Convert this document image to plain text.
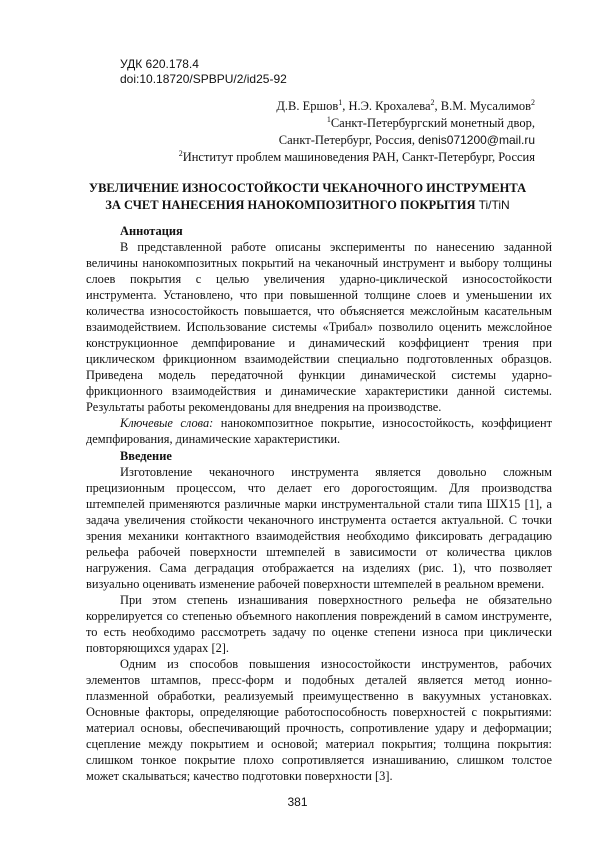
УДК 620.178.4
doi:10.18720/SPBPU/2/id25-92

Д.В. Ершов$^1$, Н.Э. Крохалева$^2$, В.М. Мусалимов$^2$

$^1$Санкт-Петербургский монетный двор,

Санкт-Петербург, Россия, denis071200@mail.ru

$^2$Институт проблем машиноведения РАН, Санкт-Петербург, Россия

УВЕЛИЧЕНИЕ ИЗНОСОСТОЙКОСТИ ЧЕКАНОЧНОГО ИНСТРУМЕНТА
ЗА СЧЕТ НАНЕСЕНИЯ НАНОКОМПОЗИТНОГО ПОКРЫТИЯ Ti/TiN

Аннотация

В представленной работе описаны эксперименты по нанесению заданной величины нанокомпозитных покрытий на чеканочный инструмент и выбору толщины слоев покрытия с целью увеличения ударно-циклической износостойкости инструмента. Установлено, что при повышенной толщине слоев и уменьшении их количества износостойкость повышается, что объясняется межслойным касательным взаимодействием. Использование системы «Трибал» позволило оценить межслойное конструкционное демпфирование и динамический коэффициент трения при циклическом фрикционном взаимодействии специально подготовленных образцов. Приведена модель передаточной функции динамической системы ударно-фрикционного взаимодействия и динамические характеристики данной системы. Результаты работы рекомендованы для внедрения на производстве.

Ключевые слова: нанокомпозитное покрытие, износостойкость, коэффициент демпфирования, динамические характеристики.

Введение

Изготовление чеканочного инструмента является довольно сложным прецизионным процессом, что делает его дорогостоящим. Для производства штемпелей применяются различные марки инструментальной стали типа ШХ15 [1], а задача увеличения стойкости чеканочного инструмента остается актуальной. С точки зрения механики контактного взаимодействия необходимо фиксировать деградацию рельефа рабочей поверхности штемпелей в зависимости от количества циклов нагружения. Сама деградация отображается на изделиях (рис. 1), что позволяет визуально оценивать изменение рабочей поверхности штемпелей в реальном времени.

При этом степень изнашивания поверхностного рельефа не обязательно коррелируется со степенью объемного накопления повреждений в самом инструменте, то есть необходимо рассмотреть задачу по оценке степени износа при циклически повторяющихся ударах [2].

Одним из способов повышения износостойкости инструментов, рабочих элементов штампов, пресс-форм и подобных деталей является метод ионно-плазменной обработки, реализуемый преимущественно в вакуумных установках. Основные факторы, определяющие работоспособность поверхностей с покрытиями: материал основы, обеспечивающий прочность, сопротивление удару и деформации; сцепление между покрытием и основой; материал покрытия; толщина покрытия: слишком тонкое покрытие плохо сопротивляется изнашиванию, слишком толстое может скалываться; качество подготовки поверхности [3].

381
